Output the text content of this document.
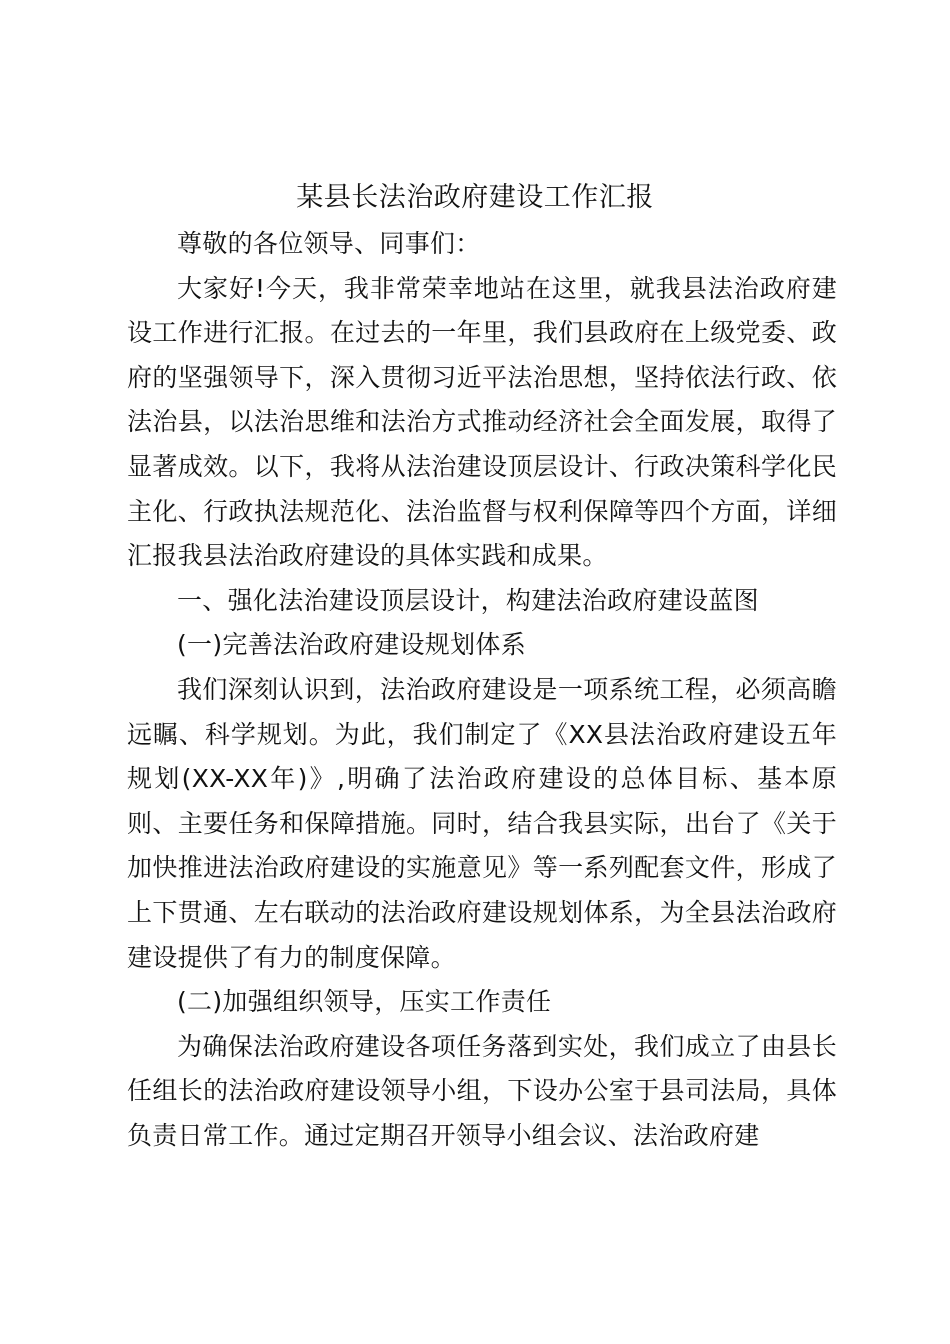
某县长法治政府建设工作汇报

尊敬的各位领导、同事们：

大家好!今天，我非常荣幸地站在这里，就我县法治政府建设工作进行汇报。在过去的一年里，我们县政府在上级党委、政府的坚强领导下，深入贯彻习近平法治思想，坚持依法行政、依法治县，以法治思维和法治方式推动经济社会全面发展，取得了显著成效。以下，我将从法治建设顶层设计、行政决策科学化民主化、行政执法规范化、法治监督与权利保障等四个方面，详细汇报我县法治政府建设的具体实践和成果。

一、强化法治建设顶层设计，构建法治政府建设蓝图

(一)完善法治政府建设规划体系

我们深刻认识到，法治政府建设是一项系统工程，必须高瞻远瞩、科学规划。为此，我们制定了《XX县法治政府建设五年规划(XX-XX年)》,明确了法治政府建设的总体目标、基本原则、主要任务和保障措施。同时，结合我县实际，出台了《关于加快推进法治政府建设的实施意见》等一系列配套文件，形成了上下贯通、左右联动的法治政府建设规划体系，为全县法治政府建设提供了有力的制度保障。

(二)加强组织领导，压实工作责任

为确保法治政府建设各项任务落到实处，我们成立了由县长任组长的法治政府建设领导小组，下设办公室于县司法局，具体负责日常工作。通过定期召开领导小组会议、法治政府建
